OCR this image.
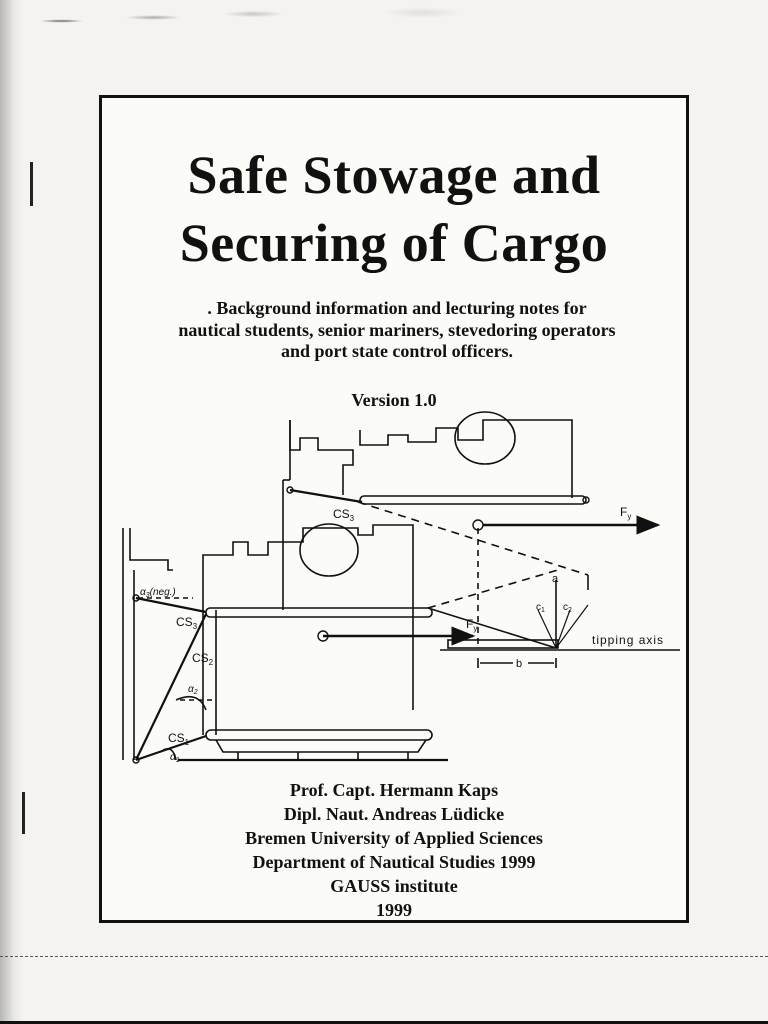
Safe Stowage and
Securing of Cargo
. Background information and lecturing notes for
nautical students, senior mariners, stevedoring operators
and port state control officers.
Version 1.0
Prof. Capt. Hermann Kaps
Dipl. Naut. Andreas Lüdicke
Bremen University of Applied Sciences
Department of Nautical Studies 1999
GAUSS institute
1999
$CS_3$	$F_y$
$CS_3$
$CS_2$
$CS_1$
$F_y$
a
b
$c_1$ $c_2$
$\alpha_3(neg.)$
$\alpha_2$
$\alpha_1$
tipping axis
